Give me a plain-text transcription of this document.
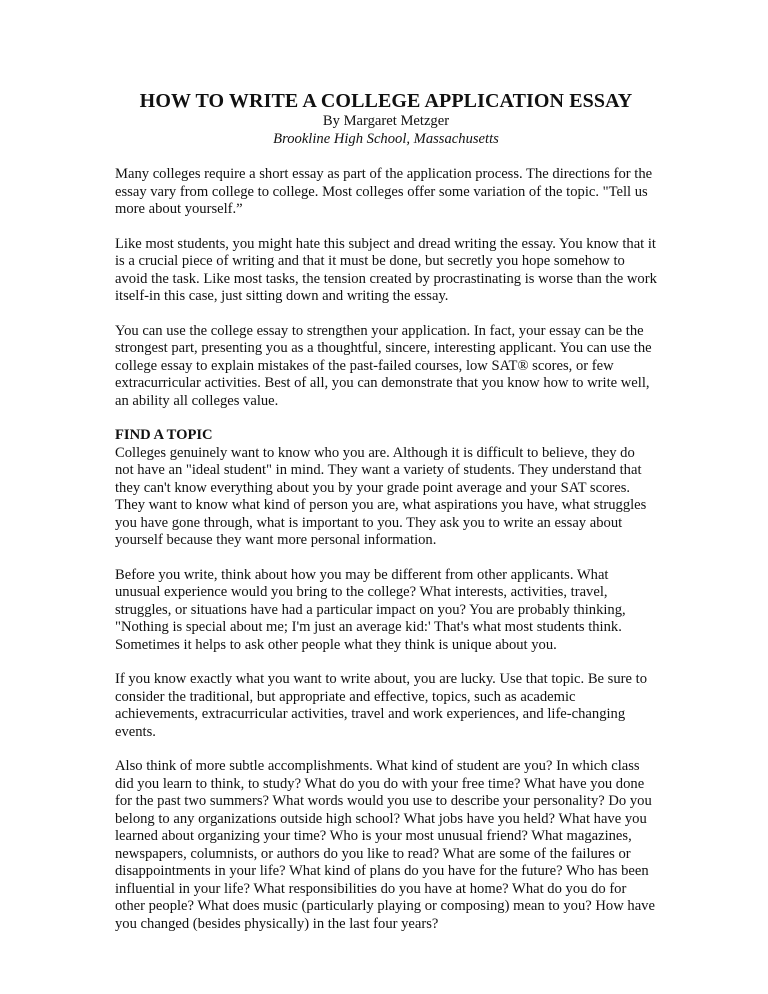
HOW TO WRITE A COLLEGE APPLICATION ESSAY

By Margaret Metzger

Brookline High School, Massachusetts

Many colleges require a short essay as part of the application process. The directions for the essay vary from college to college. Most colleges offer some variation of the topic. "Tell us more about yourself.”

Like most students, you might hate this subject and dread writing the essay. You know that it is a crucial piece of writing and that it must be done, but secretly you hope somehow to avoid the task. Like most tasks, the tension created by procrastinating is worse than the work itself-in this case, just sitting down and writing the essay.

You can use the college essay to strengthen your application. In fact, your essay can be the strongest part, presenting you as a thoughtful, sincere, interesting applicant. You can use the college essay to explain mistakes of the past-failed courses, low SAT® scores, or few extracurricular activities. Best of all, you can demonstrate that you know how to write well, an ability all colleges value.

FIND A TOPIC

Colleges genuinely want to know who you are. Although it is difficult to believe, they do not have an "ideal student" in mind. They want a variety of students. They understand that they can't know everything about you by your grade point average and your SAT scores. They want to know what kind of person you are, what aspirations you have, what struggles you have gone through, what is important to you. They ask you to write an essay about yourself because they want more personal information.

Before you write, think about how you may be different from other applicants. What unusual experience would you bring to the college? What interests, activities, travel, struggles, or situations have had a particular impact on you? You are probably thinking, "Nothing is special about me; I'm just an average kid:' That's what most students think. Sometimes it helps to ask other people what they think is unique about you.

If you know exactly what you want to write about, you are lucky. Use that topic. Be sure to consider the traditional, but appropriate and effective, topics, such as academic achievements, extracurricular activities, travel and work experiences, and life-changing events.

Also think of more subtle accomplishments. What kind of student are you? In which class did you learn to think, to study? What do you do with your free time? What have you done for the past two summers? What words would you use to describe your personality? Do you belong to any organizations outside high school? What jobs have you held? What have you learned about organizing your time? Who is your most unusual friend? What magazines, newspapers, columnists, or authors do you like to read? What are some of the failures or disappointments in your life? What kind of plans do you have for the future? Who has been influential in your life? What responsibilities do you have at home? What do you do for other people? What does music (particularly playing or composing) mean to you? How have you changed (besides physically) in the last four years?
